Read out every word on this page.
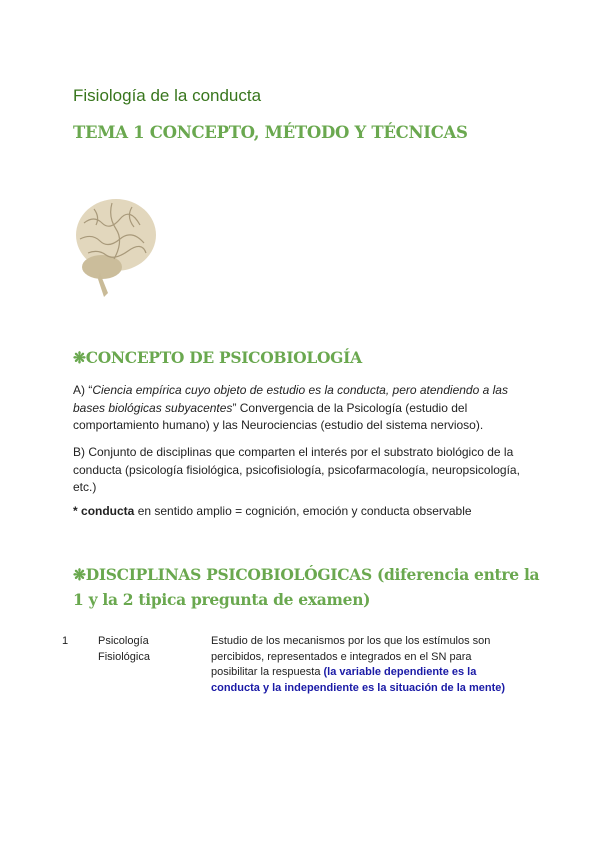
Fisiología de la conducta
TEMA 1 CONCEPTO, MÉTODO Y TÉCNICAS
❋CONCEPTO DE PSICOBIOLOGÍA
A) “Ciencia empírica cuyo objeto de estudio es la conducta, pero atendiendo a las bases biológicas subyacentes” Convergencia de la Psicología (estudio del comportamiento humano) y las Neurociencias (estudio del sistema nervioso).
B) Conjunto de disciplinas que comparten el interés por el substrato biológico de la conducta (psicología fisiológica, psicofisiología, psicofarmacología, neuropsicología, etc.)
* conducta en sentido amplio = cognición, emoción y conducta observable
❋DISCIPLINAS PSICOBIOLÓGICAS (diferencia entre la 1 y la 2 tipica pregunta de examen)
1	Psicología Fisiológica
Estudio de los mecanismos por los que los estímulos son percibidos, representados e integrados en el SN para posibilitar la respuesta (la variable dependiente es la conducta y la independiente es la situación de la mente)
